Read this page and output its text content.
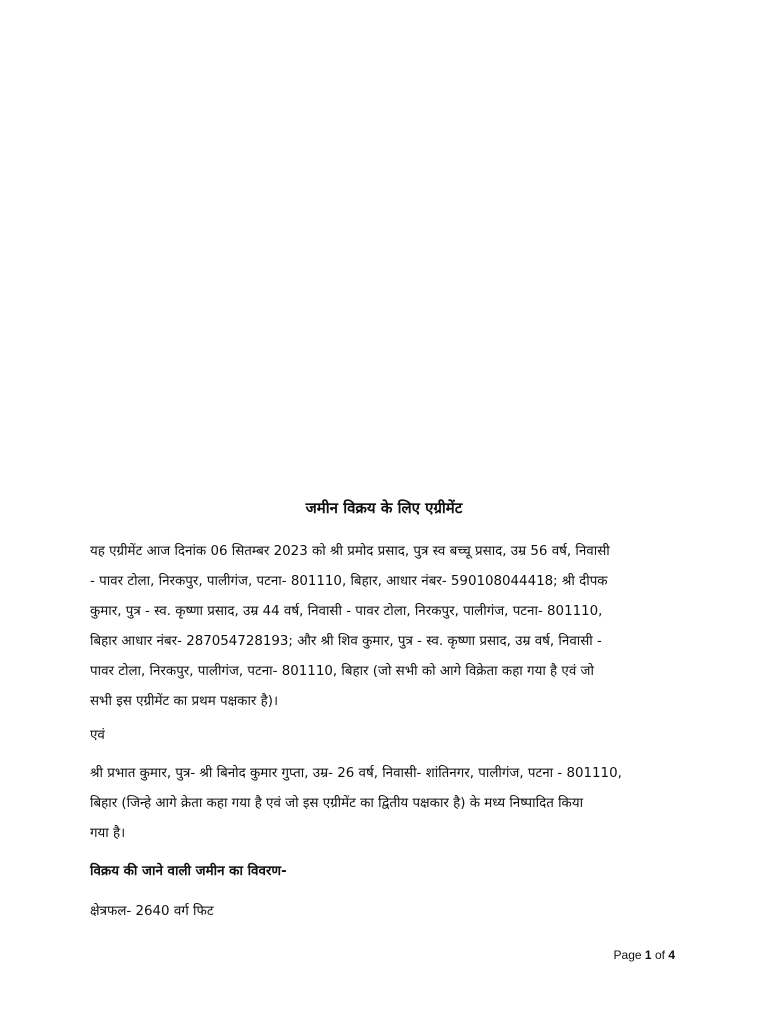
जमीन विक्रय के लिए एग्रीमेंट

यह एग्रीमेंट आज दिनांक 06 सितम्बर 2023 को श्री प्रमोद प्रसाद, पुत्र स्व बच्चू प्रसाद, उम्र 56 वर्ष, निवासी
- पावर टोला, निरकपुर, पालीगंज, पटना- 801110, बिहार, आधार नंबर- 590108044418; श्री दीपक
कुमार, पुत्र - स्व. कृष्णा प्रसाद, उम्र 44 वर्ष, निवासी - पावर टोला, निरकपुर, पालीगंज, पटना- 801110,
बिहार आधार नंबर- 287054728193; और श्री शिव कुमार, पुत्र - स्व. कृष्णा प्रसाद, उम्र वर्ष, निवासी -
पावर टोला, निरकपुर, पालीगंज, पटना- 801110, बिहार (जो सभी को आगे विक्रेता कहा गया है एवं जो
सभी इस एग्रीमेंट का प्रथम पक्षकार है)।

एवं

श्री प्रभात कुमार, पुत्र- श्री बिनोद कुमार गुप्ता, उम्र- 26 वर्ष, निवासी- शांतिनगर, पालीगंज, पटना - 801110,
बिहार (जिन्हे आगे क्रेता कहा गया है एवं जो इस एग्रीमेंट का द्वितीय पक्षकार है) के मध्य निष्पादित किया
गया है।

विक्रय की जाने वाली जमीन का विवरण-

क्षेत्रफल- 2640 वर्ग फिट

Page 1 of 4
